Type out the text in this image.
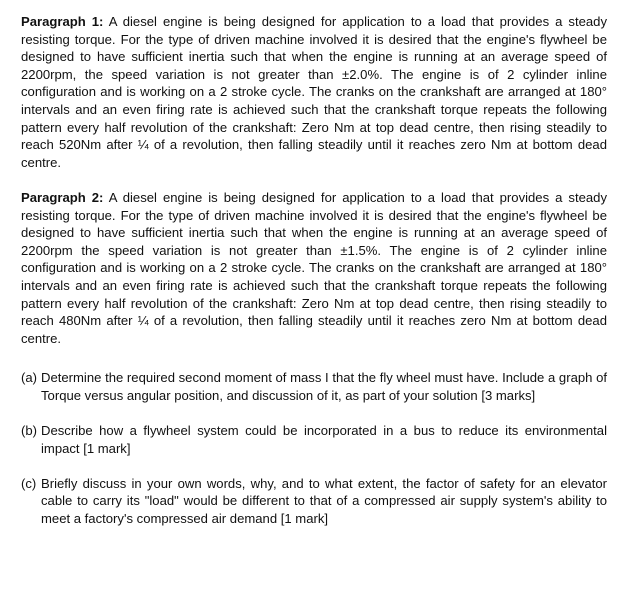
Paragraph 1: A diesel engine is being designed for application to a load that provides a steady resisting torque. For the type of driven machine involved it is desired that the engine's flywheel be designed to have sufficient inertia such that when the engine is running at an average speed of 2200rpm, the speed variation is not greater than ±2.0%. The engine is of 2 cylinder inline configuration and is working on a 2 stroke cycle. The cranks on the crankshaft are arranged at 180° intervals and an even firing rate is achieved such that the crankshaft torque repeats the following pattern every half revolution of the crankshaft: Zero Nm at top dead centre, then rising steadily to reach 520Nm after ¼ of a revolution, then falling steadily until it reaches zero Nm at bottom dead centre.

Paragraph 2: A diesel engine is being designed for application to a load that provides a steady resisting torque. For the type of driven machine involved it is desired that the engine's flywheel be designed to have sufficient inertia such that when the engine is running at an average speed of 2200rpm the speed variation is not greater than ±1.5%. The engine is of 2 cylinder inline configuration and is working on a 2 stroke cycle. The cranks on the crankshaft are arranged at 180° intervals and an even firing rate is achieved such that the crankshaft torque repeats the following pattern every half revolution of the crankshaft: Zero Nm at top dead centre, then rising steadily to reach 480Nm after ¼ of a revolution, then falling steadily until it reaches zero Nm at bottom dead centre.

(a) Determine the required second moment of mass I that the fly wheel must have. Include a graph of Torque versus angular position, and discussion of it, as part of your solution [3 marks]
(b) Describe how a flywheel system could be incorporated in a bus to reduce its environmental impact [1 mark]
(c) Briefly discuss in your own words, why, and to what extent, the factor of safety for an elevator cable to carry its "load" would be different to that of a compressed air supply system's ability to meet a factory's compressed air demand [1 mark]
